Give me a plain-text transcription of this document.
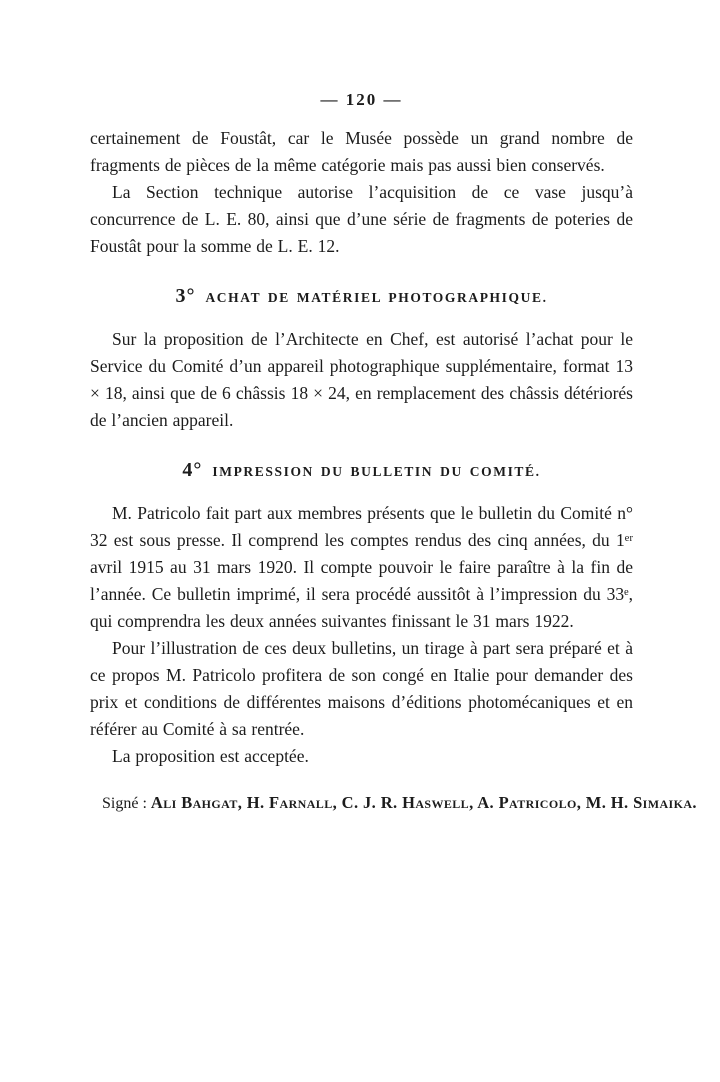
— 120 —

certainement de Foustât, car le Musée possède un grand nombre de fragments de pièces de la même catégorie mais pas aussi bien conservés.

La Section technique autorise l’acquisition de ce vase jusqu’à concurrence de L. E. 80, ainsi que d’une série de fragments de poteries de Foustât pour la somme de L. E. 12.

3° ACHAT DE MATÉRIEL PHOTOGRAPHIQUE.

Sur la proposition de l’Architecte en Chef, est autorisé l’achat pour le Service du Comité d’un appareil photographique supplémentaire, format 13 × 18, ainsi que de 6 châssis 18 × 24, en remplacement des châssis détériorés de l’ancien appareil.

4° IMPRESSION DU BULLETIN DU COMITÉ.

M. Patricolo fait part aux membres présents que le bulletin du Comité n° 32 est sous presse. Il comprend les comptes rendus des cinq années, du 1ᵉʳ avril 1915 au 31 mars 1920. Il compte pouvoir le faire paraître à la fin de l’année. Ce bulletin imprimé, il sera procédé aussitôt à l’impression du 33ᵉ, qui comprendra les deux années suivantes finissant le 31 mars 1922.

Pour l’illustration de ces deux bulletins, un tirage à part sera préparé et à ce propos M. Patricolo profitera de son congé en Italie pour demander des prix et conditions de différentes maisons d’éditions photomécaniques et en référer au Comité à sa rentrée.

La proposition est acceptée.

Signé : Ali Bahgat, H. Farnall, C. J. R. Haswell, A. Patricolo, M. H. Simaika.
